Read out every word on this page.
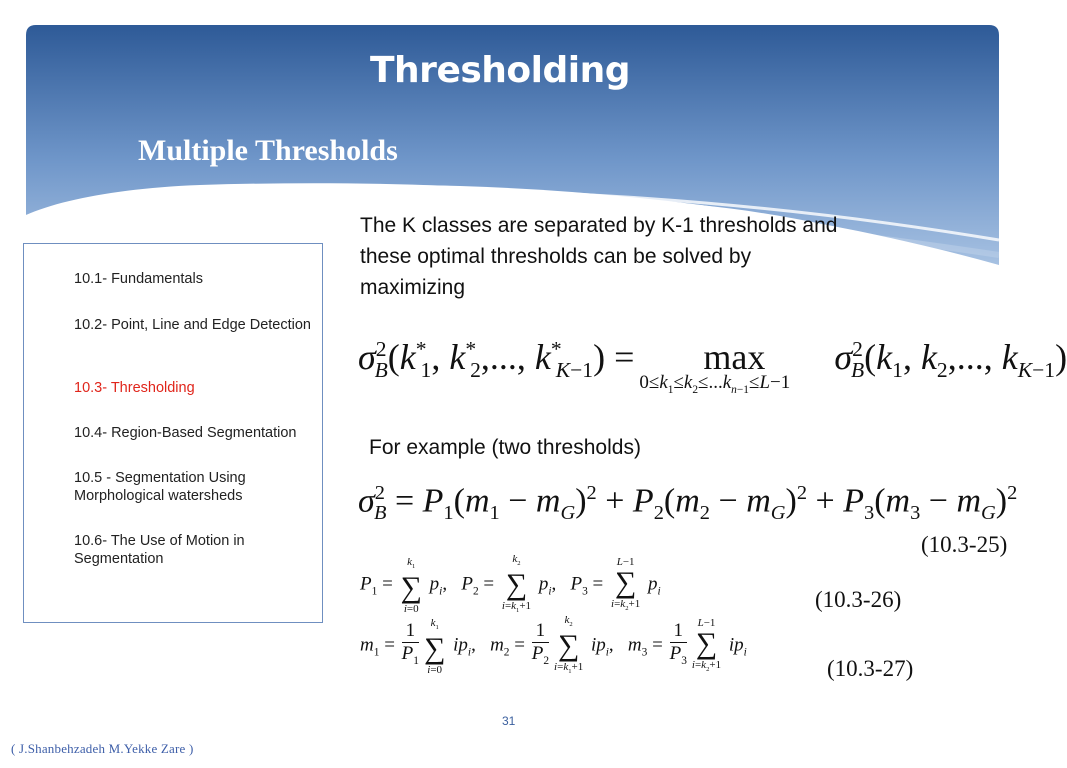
Thresholding
Multiple Thresholds
10.1- Fundamentals
10.2- Point, Line and Edge Detection
10.3- Thresholding
10.4- Region-Based Segmentation
10.5 - Segmentation Using Morphological watersheds
10.6- The Use of Motion in Segmentation
The K classes are separated by K-1 thresholds and these optimal thresholds can be solved by maximizing
$\sigma^2_B(k^*_1$, $k^*_2$,..., $k^*_{K-1}) = \max$
$0\le k_1\le k_2\le...k_{n-1}\le L-1$
$\sigma^2_B(k_1$, $k_2$,..., $k_{K-1}$)
For example (two thresholds)
$\sigma^2_B = P_1(m_1 - m_G)^2 + P_2(m_2 - m_G)^2 + P_3(m_3 - m_G)^2$
$P_1$ =
$k_1$
∑
i=0
$p_i$,   $P_2$ =
$k_2$
∑
$i=k_1+1$
$p_i$,   $P_3$ =
L−1
∑
$i=k_2+1$
$p_i$
$m_1 = \frac{1}{P_1}$	$k_1$
∑
i=0
$ip_i$,   $m_2 = \frac{1}{P_2}$
$k_2$
∑
$i=k_1+1$
$ip_i$,   $m_3 = \frac{1}{P_3} L-1$
∑
$i=k_2+1$
$ip_i$
(10.3-25)
(10.3-26)
(10.3-27)
31
( J.Shanbehzadeh M.Yekke Zare )
